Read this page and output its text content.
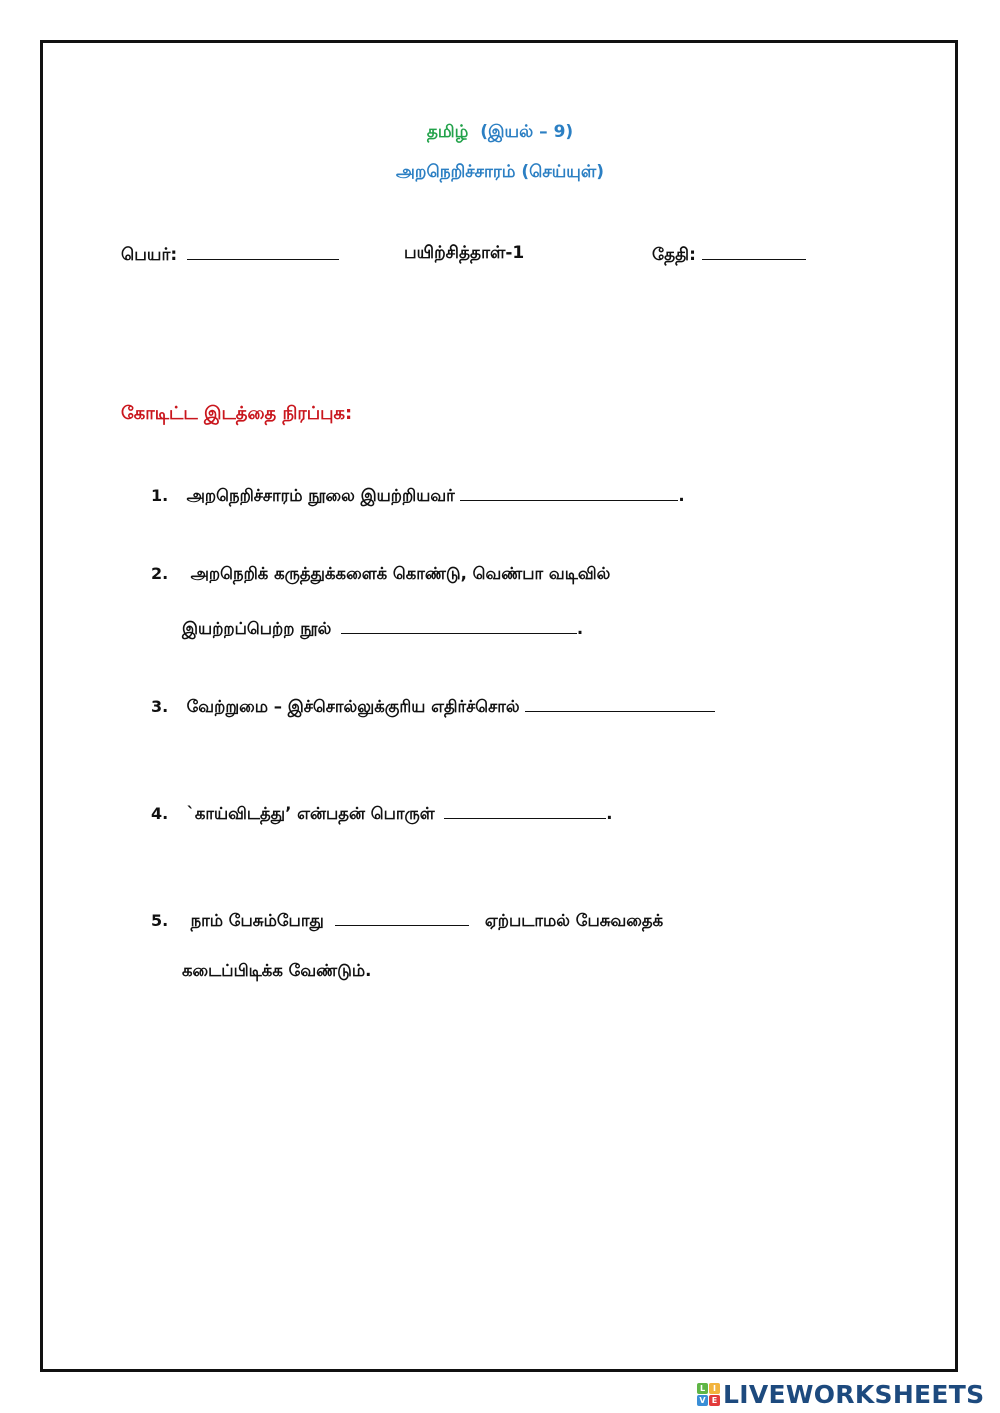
தமிழ் (இயல் – 9)
அறநெறிச்சாரம் (செய்யுள்)
பெயர்:	பயிற்சித்தாள்-1	தேதி:
கோடிட்ட இடத்தை நிரப்புக:
1. அறநெறிச்சாரம் நூலை இயற்றியவர்	.
2. அறநெறிக் கருத்துக்களைக் கொண்டு, வெண்பா வடிவில்
இயற்றப்பெற்ற நூல்	.
3. வேற்றுமை – இச்சொல்லுக்குரிய எதிர்ச்சொல்
4. `காய்விடத்து’ என்பதன் பொருள்	.
5. நாம் பேசும்போது	ஏற்படாமல் பேசுவதைக்
கடைப்பிடிக்க வேண்டும்.
L I
V E LIVEWORKSHEETS
